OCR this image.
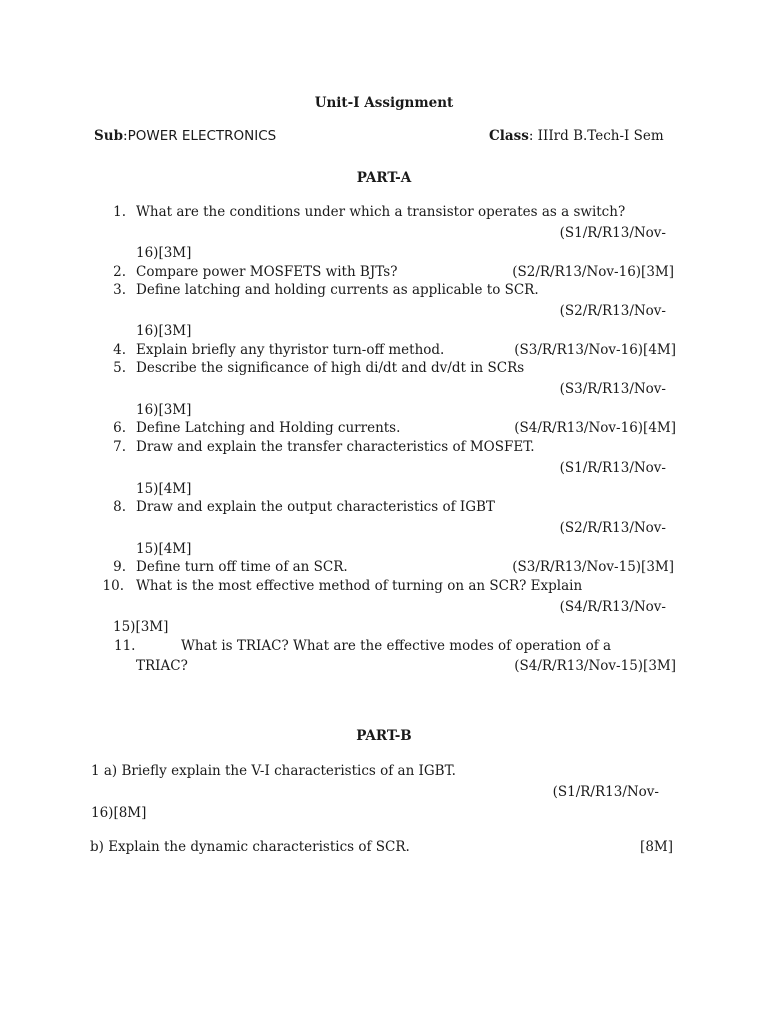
Unit-I Assignment
Sub:POWER ELECTRONICS	Class: IIIrd B.Tech-I Sem
PART-A
1. What are the conditions under which a transistor operates as a switch?
(S1/R/R13/Nov-
16)[3M]
2. Compare power MOSFETS with BJTs?	(S2/R/R13/Nov-16)[3M]
3. Define latching and holding currents as applicable to SCR.
(S2/R/R13/Nov-
16)[3M]
4. Explain briefly any thyristor turn-off method.	(S3/R/R13/Nov-16)[4M]
5. Describe the significance of high di/dt and dv/dt in SCRs
(S3/R/R13/Nov-
16)[3M]
6. Define Latching and Holding currents.	(S4/R/R13/Nov-16)[4M]
7. Draw and explain the transfer characteristics of MOSFET.
(S1/R/R13/Nov-
15)[4M]
8. Draw and explain the output characteristics of IGBT
(S2/R/R13/Nov-
15)[4M]
9. Define turn off time of an SCR.	(S3/R/R13/Nov-15)[3M]
10. What is the most effective method of turning on an SCR? Explain
(S4/R/R13/Nov-
15)[3M]
11.	What is TRIAC? What are the effective modes of operation of a
TRIAC?	(S4/R/R13/Nov-15)[3M]
PART-B
1 a) Briefly explain the V-I characteristics of an IGBT.
(S1/R/R13/Nov-
16)[8M]
b) Explain the dynamic characteristics of SCR.	[8M]
